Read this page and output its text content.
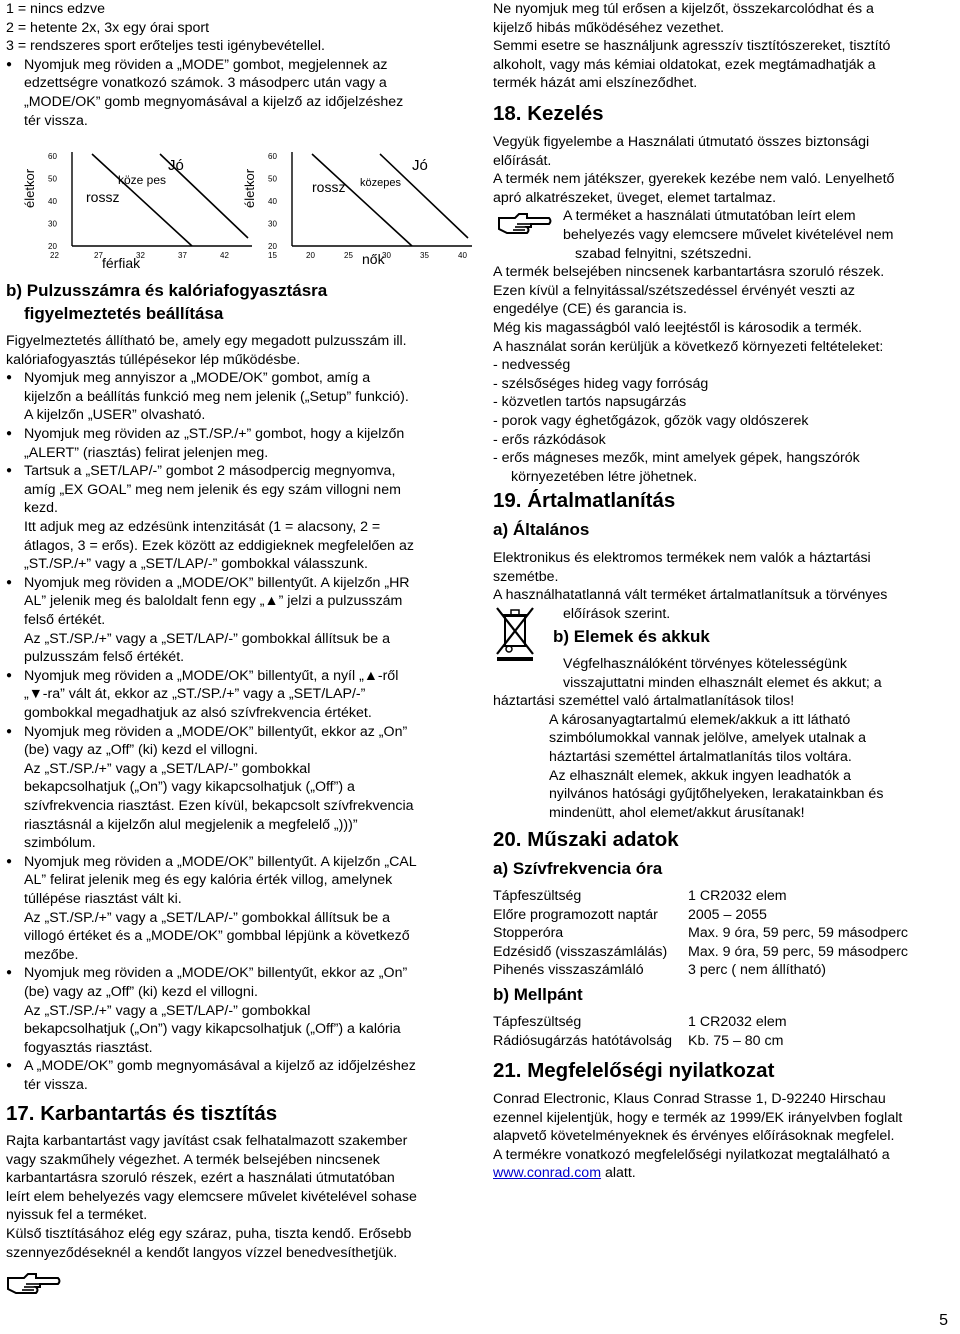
1 = nincs edzve
2 = hetente 2x, 3x egy órai sport
3 = rendszeres sport erőteljes testi igénybevétellel.
● Nyomjuk meg röviden a „MODE” gombot, megjelennek az
edzettségre vonatkozó számok. 3 másodperc után vagy a
„MODE/OK” gomb megnyomásával a kijelző az időjelzéshez
tér vissza.
életkor
60
50
40
30
20
22	27	32	37	42
rossz
köze pes
Jó
férfiak
életkor
60
50
40
30
20
15	20	25	30	35	40
rossz közepes
Jó
nők
b) Pulzusszámra és kalóriafogyasztásra
figyelmeztetés beállítása
Figyelmeztetés állítható be, amely egy megadott pulzusszám ill.
kalóriafogyasztás túllépésekor lép működésbe.
● Nyomjuk meg annyiszor a „MODE/OK” gombot, amíg a
kijelzőn a beállítás funkció meg nem jelenik („Setup” funkció).
A kijelzőn „USER” olvasható.
● Nyomjuk meg röviden az „ST./SP./+” gombot, hogy a kijelzőn
„ALERT” (riasztás) felirat jelenjen meg.
● Tartsuk a „SET/LAP/-” gombot 2 másodpercig megnyomva,
amíg „EX GOAL” meg nem jelenik és egy szám villogni nem
kezd.
Itt adjuk meg az edzésünk intenzitását (1 = alacsony, 2 =
átlagos, 3 = erős). Ezek között az eddigieknek megfelelően az
„ST./SP./+” vagy a „SET/LAP/-” gombokkal válasszunk.
● Nyomjuk meg röviden a „MODE/OK” billentyűt. A kijelzőn „HR
AL” jelenik meg és baloldalt fenn egy „▲” jelzi a pulzusszám
felső értékét.
Az „ST./SP./+” vagy a „SET/LAP/-” gombokkal állítsuk be a
pulzusszám felső értékét.
● Nyomjuk meg röviden a „MODE/OK” billentyűt, a nyíl „▲-ről
„▼-ra” vált át, ekkor az „ST./SP./+” vagy a „SET/LAP/-”
gombokkal megadhatjuk az alsó szívfrekvencia értéket.
● Nyomjuk meg röviden a „MODE/OK” billentyűt, ekkor az „On”
(be) vagy az „Off” (ki) kezd el villogni.
Az „ST./SP./+” vagy a „SET/LAP/-” gombokkal
bekapcsolhatjuk („On”) vagy kikapcsolhatjuk („Off”) a
szívfrekvencia riasztást. Ezen kívül, bekapcsolt szívfrekvencia
riasztásnál a kijelzőn alul megjelenik a megfelelő „)))”
szimbólum.
● Nyomjuk meg röviden a „MODE/OK” billentyűt. A kijelzőn „CAL
AL” felirat jelenik meg és egy kalória érték villog, amelynek
túllépése riasztást vált ki.
Az „ST./SP./+” vagy a „SET/LAP/-” gombokkal állítsuk be a
villogó értéket és a „MODE/OK” gombbal lépjünk a következő
mezőbe.
● Nyomjuk meg röviden a „MODE/OK” billentyűt, ekkor az „On”
(be) vagy az „Off” (ki) kezd el villogni.
Az „ST./SP./+” vagy a „SET/LAP/-” gombokkal
bekapcsolhatjuk („On”) vagy kikapcsolhatjuk („Off”) a kalória
fogyasztás riasztást.
● A „MODE/OK” gomb megnyomásával a kijelző az időjelzéshez
tér vissza.
17. Karbantartás és tisztítás
Rajta karbantartást vagy javítást csak felhatalmazott szakember
vagy szakműhely végezhet. A termék belsejében nincsenek
karbantartásra szoruló részek, ezért a használati útmutatóban
leírt elem behelyezés vagy elemcsere művelet kivételével sohase
nyissuk fel a terméket.
Külső tisztításához elég egy száraz, puha, tiszta kendő. Erősebb
szennyeződéseknél a kendőt langyos vízzel benedvesíthetjük.
Ne nyomjuk meg túl erősen a kijelzőt, összekarcolódhat és a
kijelző hibás működéséhez vezethet.
Semmi esetre se használjunk agresszív tisztítószereket, tisztító
alkoholt, vagy más kémiai oldatokat, ezek megtámadhatják a
termék házát ami elszíneződhet.
18. Kezelés
Vegyük figyelembe a Használati útmutató összes biztonsági
előírását.
A termék nem játékszer, gyerekek kezébe nem való. Lenyelhető
apró alkatrészeket, üveget, elemet tartalmaz.
A terméket a használati útmutatóban leírt elem
behelyezés vagy elemcsere művelet kivételével nem
szabad felnyitni, szétszedni.
A termék belsejében nincsenek karbantartásra szoruló részek.
Ezen kívül a felnyitással/szétszedéssel érvényét veszti az
engedélye (CE) és garancia is.
Még kis magasságból való leejtéstől is károsodik a termék.
A használat során kerüljük a következő környezeti feltételeket:
- nedvesség
- szélsőséges hideg vagy forróság
- közvetlen tartós napsugárzás
- porok vagy éghetőgázok, gőzök vagy oldószerek
- erős rázkódások
- erős mágneses mezők, mint amelyek gépek, hangszórók
környezetében létre jöhetnek.
19. Ártalmatlanítás
a) Általános
Elektronikus és elektromos termékek nem valók a háztartási
szemétbe.
A használhatatlanná vált terméket ártalmatlanítsuk a törvényes
előírások szerint.
b) Elemek és akkuk
Végfelhasználóként törvényes kötelességünk
visszajuttatni minden elhasznált elemet és akkut; a
háztartási szeméttel való ártalmatlanítások tilos!
A károsanyagtartalmú elemek/akkuk a itt látható
szimbólumokkal vannak jelölve, amelyek utalnak a
háztartási szeméttel ártalmatlanítás tilos voltára.
Az elhasznált elemek, akkuk ingyen leadhatók a
nyilvános hatósági gyűjtőhelyeken, lerakatainkban és
mindenütt, ahol elemet/akkut árusítanak!
20. Műszaki adatok
a) Szívfrekvencia óra
Tápfeszültség	1 CR2032 elem
Előre programozott naptár 2005 – 2055
Stopperóra	Max. 9 óra, 59 perc, 59 másodperc
Edzésidő (visszaszámlálás) Max. 9 óra, 59 perc, 59 másodperc
Pihenés visszaszámláló	3 perc ( nem állítható)
b) Mellpánt
Tápfeszültség	1 CR2032 elem
Rádiósugárzás hatótávolság Kb. 75 – 80 cm
21. Megfelelőségi nyilatkozat
Conrad Electronic, Klaus Conrad Strasse 1, D-92240 Hirschau
ezennel kijelentjük, hogy e termék az 1999/EK irányelvben foglalt
alapvető követelményeknek és érvényes előírásoknak megfelel.
A termékre vonatkozó megfelelőségi nyilatkozat megtalálható a
www.conrad.com alatt.
5
